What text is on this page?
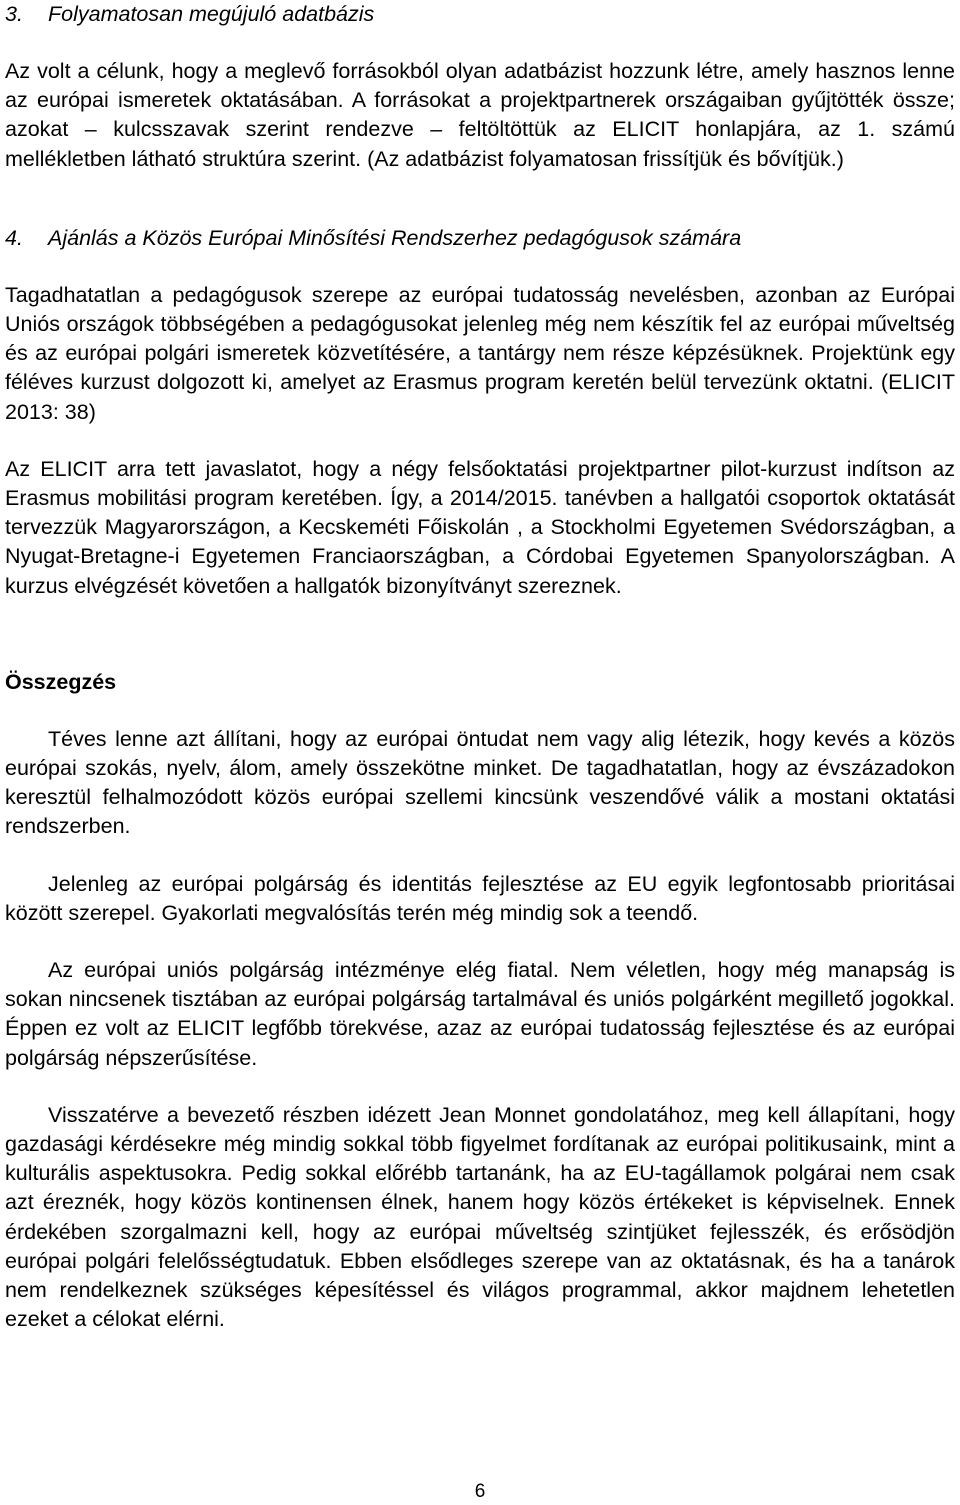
3. Folyamatosan megújuló adatbázis

Az volt a célunk, hogy a meglevő forrásokból olyan adatbázist hozzunk létre, amely hasznos lenne az európai ismeretek oktatásában. A forrásokat a projektpartnerek országaiban gyűjtötték össze; azokat – kulcsszavak szerint rendezve – feltöltöttük az ELICIT honlapjára, az 1. számú mellékletben látható struktúra szerint. (Az adatbázist folyamatosan frissítjük és bővítjük.)

4. Ajánlás a Közös Európai Minősítési Rendszerhez pedagógusok számára

Tagadhatatlan a pedagógusok szerepe az európai tudatosság nevelésben, azonban az Európai Uniós országok többségében a pedagógusokat jelenleg még nem készítik fel az európai műveltség és az európai polgári ismeretek közvetítésére, a tantárgy nem része képzésüknek. Projektünk egy féléves kurzust dolgozott ki, amelyet az Erasmus program keretén belül tervezünk oktatni. (ELICIT 2013: 38)

Az ELICIT arra tett javaslatot, hogy a négy felsőoktatási projektpartner pilot-kurzust indítson az Erasmus mobilitási program keretében. Így, a 2014/2015. tanévben a hallgatói csoportok oktatását tervezzük Magyarországon, a Kecskeméti Főiskolán , a Stockholmi Egyetemen Svédországban, a Nyugat-Bretagne-i Egyetemen Franciaországban, a Córdobai Egyetemen Spanyolországban. A kurzus elvégzését követően a hallgatók bizonyítványt szereznek.

Összegzés

Téves lenne azt állítani, hogy az európai öntudat nem vagy alig létezik, hogy kevés a közös európai szokás, nyelv, álom, amely összekötne minket. De tagadhatatlan, hogy az évszázadokon keresztül felhalmozódott közös európai szellemi kincsünk veszendővé válik a mostani oktatási rendszerben.

Jelenleg az európai polgárság és identitás fejlesztése az EU egyik legfontosabb prioritásai között szerepel. Gyakorlati megvalósítás terén még mindig sok a teendő.

Az európai uniós polgárság intézménye elég fiatal. Nem véletlen, hogy még manapság is sokan nincsenek tisztában az európai polgárság tartalmával és uniós polgárként megillető jogokkal. Éppen ez volt az ELICIT legfőbb törekvése, azaz az európai tudatosság fejlesztése és az európai polgárság népszerűsítése.

Visszatérve a bevezető részben idézett Jean Monnet gondolatához, meg kell állapítani, hogy gazdasági kérdésekre még mindig sokkal több figyelmet fordítanak az európai politikusaink, mint a kulturális aspektusokra. Pedig sokkal előrébb tartanánk, ha az EU-tagállamok polgárai nem csak azt éreznék, hogy közös kontinensen élnek, hanem hogy közös értékeket is képviselnek. Ennek érdekében szorgalmazni kell, hogy az európai műveltség szintjüket fejlesszék, és erősödjön európai polgári felelősségtudatuk. Ebben elsődleges szerepe van az oktatásnak, és ha a tanárok nem rendelkeznek szükséges képesítéssel és világos programmal, akkor majdnem lehetetlen ezeket a célokat elérni.

6
